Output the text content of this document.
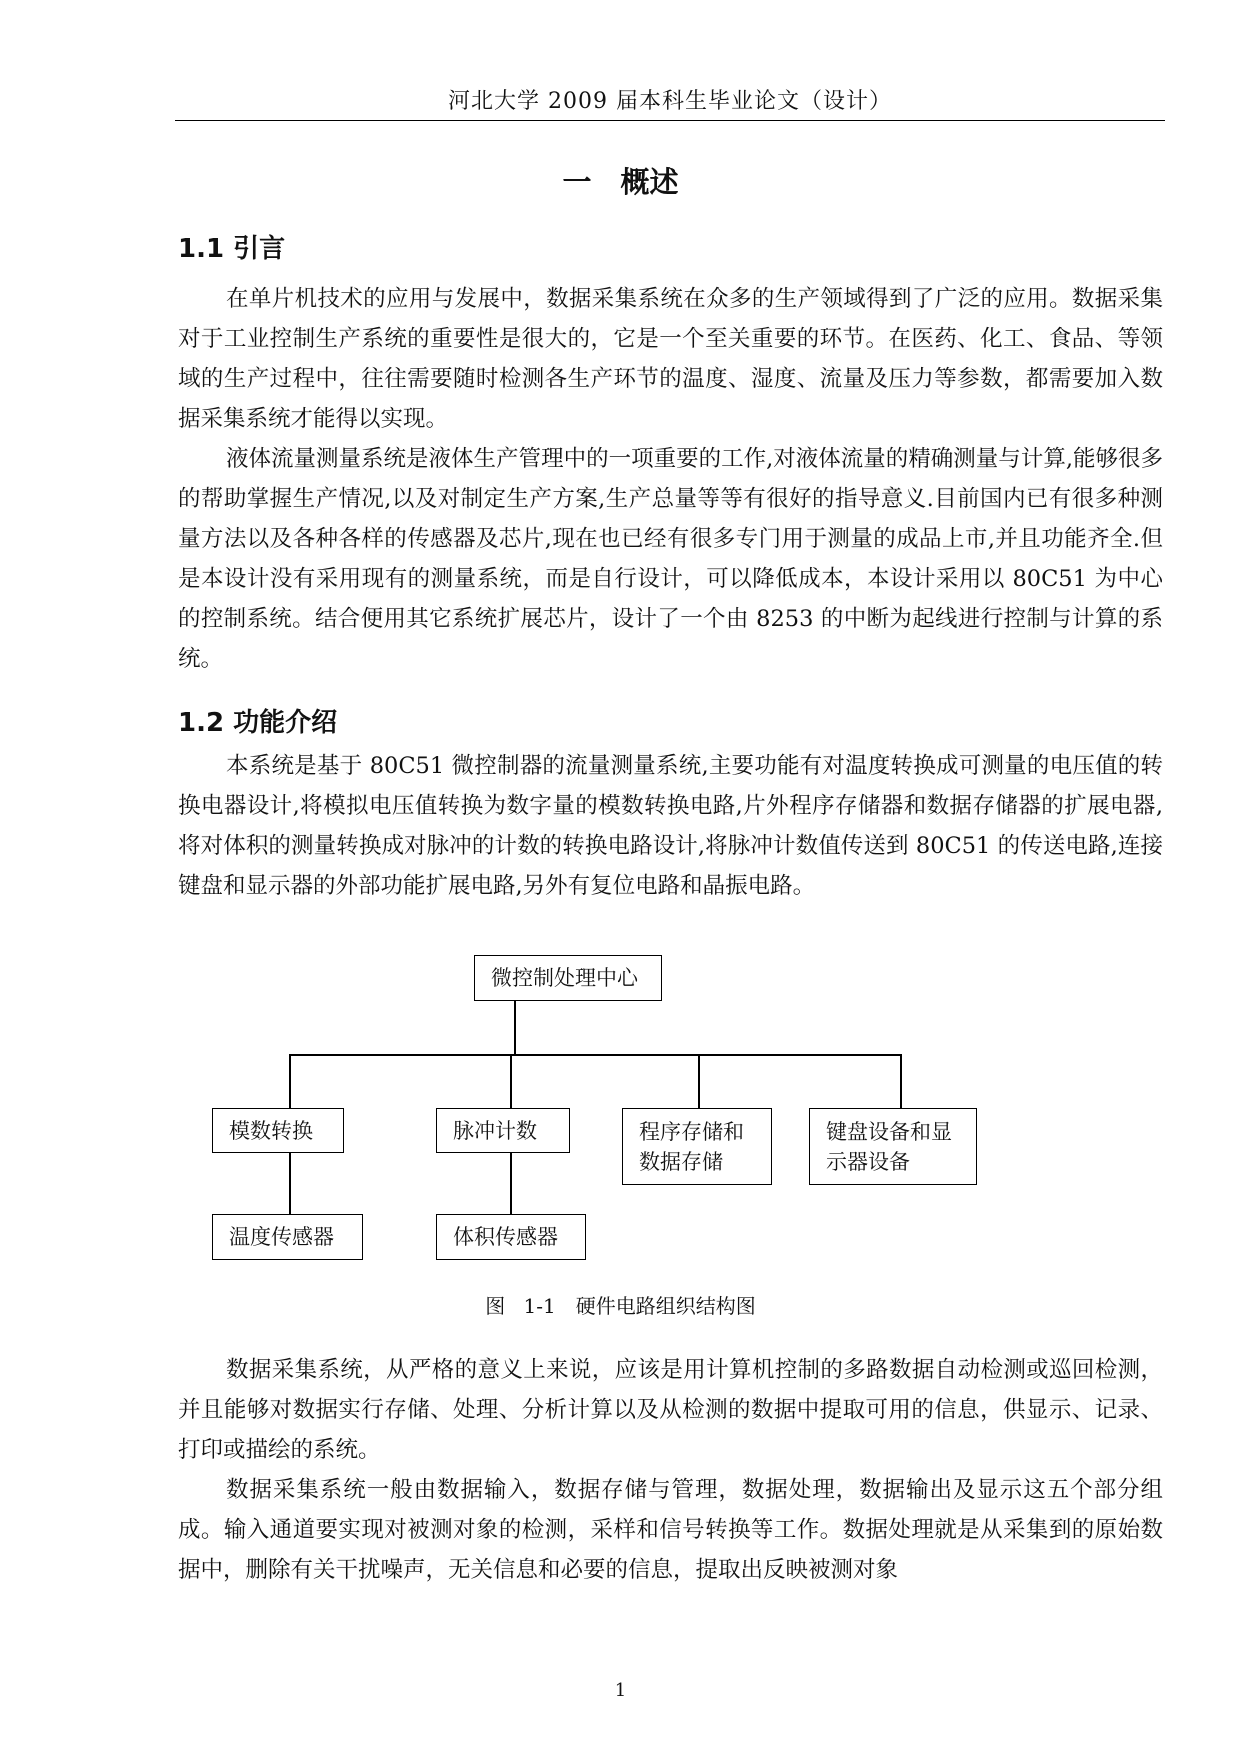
河北大学 2009 届本科生毕业论文（设计）
一　概述
1.1 引言

在单片机技术的应用与发展中，数据采集系统在众多的生产领域得到了广泛的应用。数据采集对于工业控制生产系统的重要性是很大的，它是一个至关重要的环节。在医药、化工、食品、等领域的生产过程中，往往需要随时检测各生产环节的温度、湿度、流量及压力等参数，都需要加入数据采集系统才能得以实现。

液体流量测量系统是液体生产管理中的一项重要的工作,对液体流量的精确测量与计算,能够很多的帮助掌握生产情况,以及对制定生产方案,生产总量等等有很好的指导意义.目前国内已有很多种测量方法以及各种各样的传感器及芯片,现在也已经有很多专门用于测量的成品上市,并且功能齐全.但是本设计没有采用现有的测量系统，而是自行设计，可以降低成本，本设计采用以 80C51 为中心的控制系统。结合便用其它系统扩展芯片，设计了一个由 8253 的中断为起线进行控制与计算的系统。

1.2 功能介绍

本系统是基于 80C51 微控制器的流量测量系统,主要功能有对温度转换成可测量的电压值的转换电器设计,将模拟电压值转换为数字量的模数转换电路,片外程序存储器和数据存储器的扩展电器,将对体积的测量转换成对脉冲的计数的转换电路设计,将脉冲计数值传送到 80C51 的传送电路,连接键盘和显示器的外部功能扩展电路,另外有复位电路和晶振电路。

微控制处理中心
模数转换	脉冲计数	程序存储和数据存储
键盘设备和显示器设备
温度传感器	体积传感器
图 1-1　硬件电路组织结构图

数据采集系统，从严格的意义上来说，应该是用计算机控制的多路数据自动检测或巡回检测，并且能够对数据实行存储、处理、分析计算以及从检测的数据中提取可用的信息，供显示、记录、打印或描绘的系统。

数据采集系统一般由数据输入，数据存储与管理，数据处理，数据输出及显示这五个部分组成。输入通道要实现对被测对象的检测，采样和信号转换等工作。数据处理就是从采集到的原始数据中，删除有关干扰噪声，无关信息和必要的信息，提取出反映被测对象

1
